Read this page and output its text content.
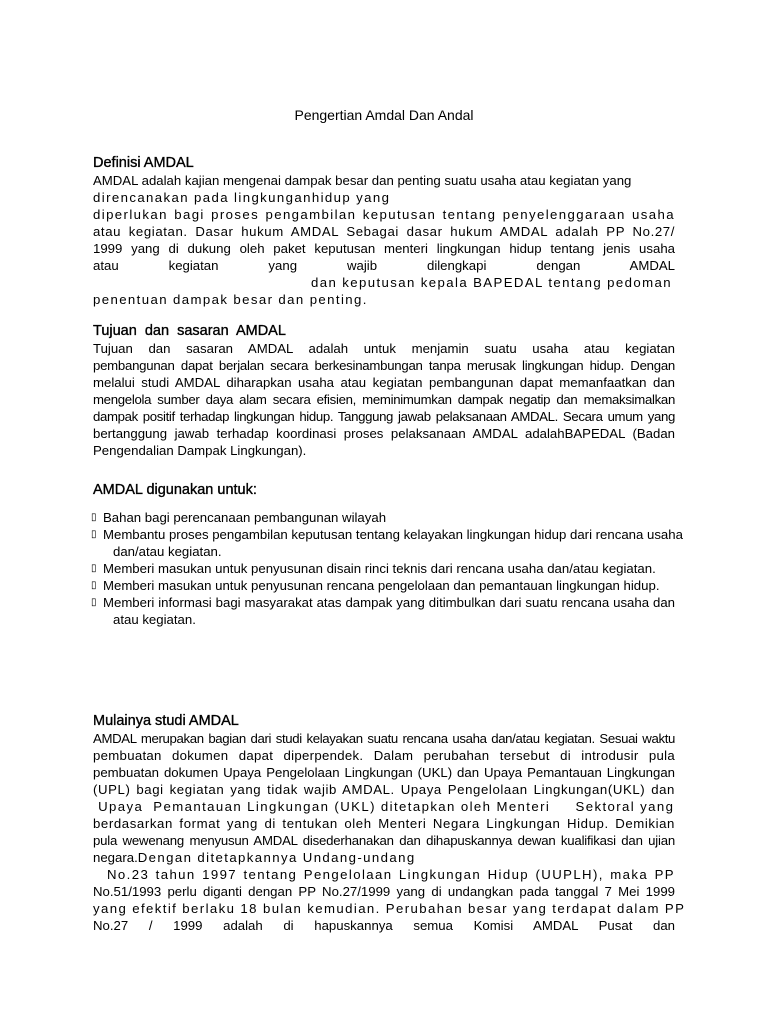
Pengertian Amdal Dan Andal
Definisi AMDAL
AMDAL adalah kajian mengenai dampak besar dan penting suatu usaha atau kegiatan yang
direncanakan pada lingkunganhidup yang
diperlukan bagi proses pengambilan keputusan tentang penyelenggaraan usaha
atau kegiatan. Dasar hukum AMDAL Sebagai dasar hukum AMDAL adalah PP No.27/
1999 yang di dukung oleh paket keputusan menteri lingkungan hidup tentang jenis usaha
atau kegiatan yang wajib dilengkapi dengan AMDAL
dan keputusan kepala BAPEDAL tentang pedoman
penentuan dampak besar dan penting.
Tujuan  dan  sasaran  AMDAL
Tujuan dan sasaran AMDAL adalah untuk menjamin suatu usaha atau kegiatan
pembangunan dapat berjalan secara berkesinambungan tanpa merusak lingkungan hidup. Dengan
melalui studi AMDAL diharapkan usaha atau kegiatan pembangunan dapat memanfaatkan dan
mengelola sumber daya alam secara efisien, meminimumkan dampak negatip dan memaksimalkan
dampak positif terhadap lingkungan hidup. Tanggung jawab pelaksanaan AMDAL. Secara umum yang
bertanggung jawab terhadap koordinasi proses pelaksanaan AMDAL adalahBAPEDAL (Badan
Pengendalian Dampak Lingkungan).
AMDAL digunakan untuk:
▯ Bahan bagi perencanaan pembangunan wilayah
▯ Membantu proses pengambilan keputusan tentang kelayakan lingkungan hidup dari rencana usaha
dan/atau kegiatan.
▯ Memberi masukan untuk penyusunan disain rinci teknis dari rencana usaha dan/atau kegiatan.
▯ Memberi masukan untuk penyusunan rencana pengelolaan dan pemantauan lingkungan hidup.
▯ Memberi informasi bagi masyarakat atas dampak yang ditimbulkan dari suatu rencana usaha dan
atau kegiatan.
Mulainya studi AMDAL
AMDAL merupakan bagian dari studi kelayakan suatu rencana usaha dan/atau kegiatan. Sesuai waktu
pembuatan dokumen dapat diperpendek. Dalam perubahan tersebut di introdusir pula
pembuatan dokumen Upaya Pengelolaan Lingkungan (UKL) dan Upaya Pemantauan Lingkungan
(UPL) bagi kegiatan yang tidak wajib AMDAL. Upaya Pengelolaan Lingkungan(UKL) dan
Upaya  Pemantauan Lingkungan (UKL) ditetapkan oleh Menteri     Sektoral yang
berdasarkan format yang di tentukan oleh Menteri Negara Lingkungan Hidup. Demikian
pula wewenang menyusun AMDAL disederhanakan dan dihapuskannya dewan kualifikasi dan ujian
negara.Dengan ditetapkannya Undang-undang
No.23 tahun 1997 tentang Pengelolaan Lingkungan Hidup (UUPLH), maka PP
No.51/1993 perlu diganti dengan PP No.27/1999 yang di undangkan pada tanggal 7 Mei 1999
yang efektif berlaku 18 bulan kemudian. Perubahan besar yang terdapat dalam PP
No.27 / 1999 adalah di hapuskannya semua Komisi AMDAL Pusat dan
